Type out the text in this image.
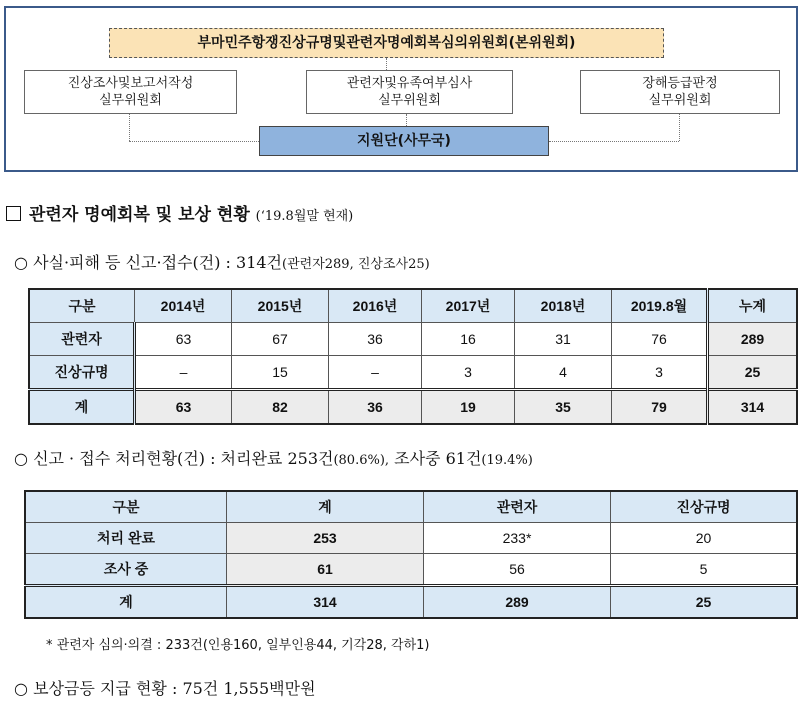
부마민주항쟁진상규명및관련자명예회복심의위원회(본위원회)
진상조사및보고서작성
실무위원회
관련자및유족여부심사
실무위원회
장해등급판정
실무위원회
지원단(사무국)
관련자 명예회복 및 보상 현황 (‘19.8월말 현재)
○ 사실·피해 등 신고·접수(건) : 314건(관련자289, 진상조사25)
구분	2014년	2015년	2016년	2017년	2018년	2019.8월	누계
관련자	63	67	36	16	31	76	289
진상규명	–	15	–	3	4	3	25
계	63	82	36	19	35	79	314
○ 신고 · 접수 처리현황(건) : 처리완료 253건(80.6%), 조사중 61건(19.4%)
구분	계	관련자	진상규명
처리 완료	253	233*	20
조사 중	61	56	5
계	314	289	25
* 관련자 심의·의결 : 233건(인용160, 일부인용44, 기각28, 각하1)
○ 보상금등 지급 현황 : 75건 1,555백만원
